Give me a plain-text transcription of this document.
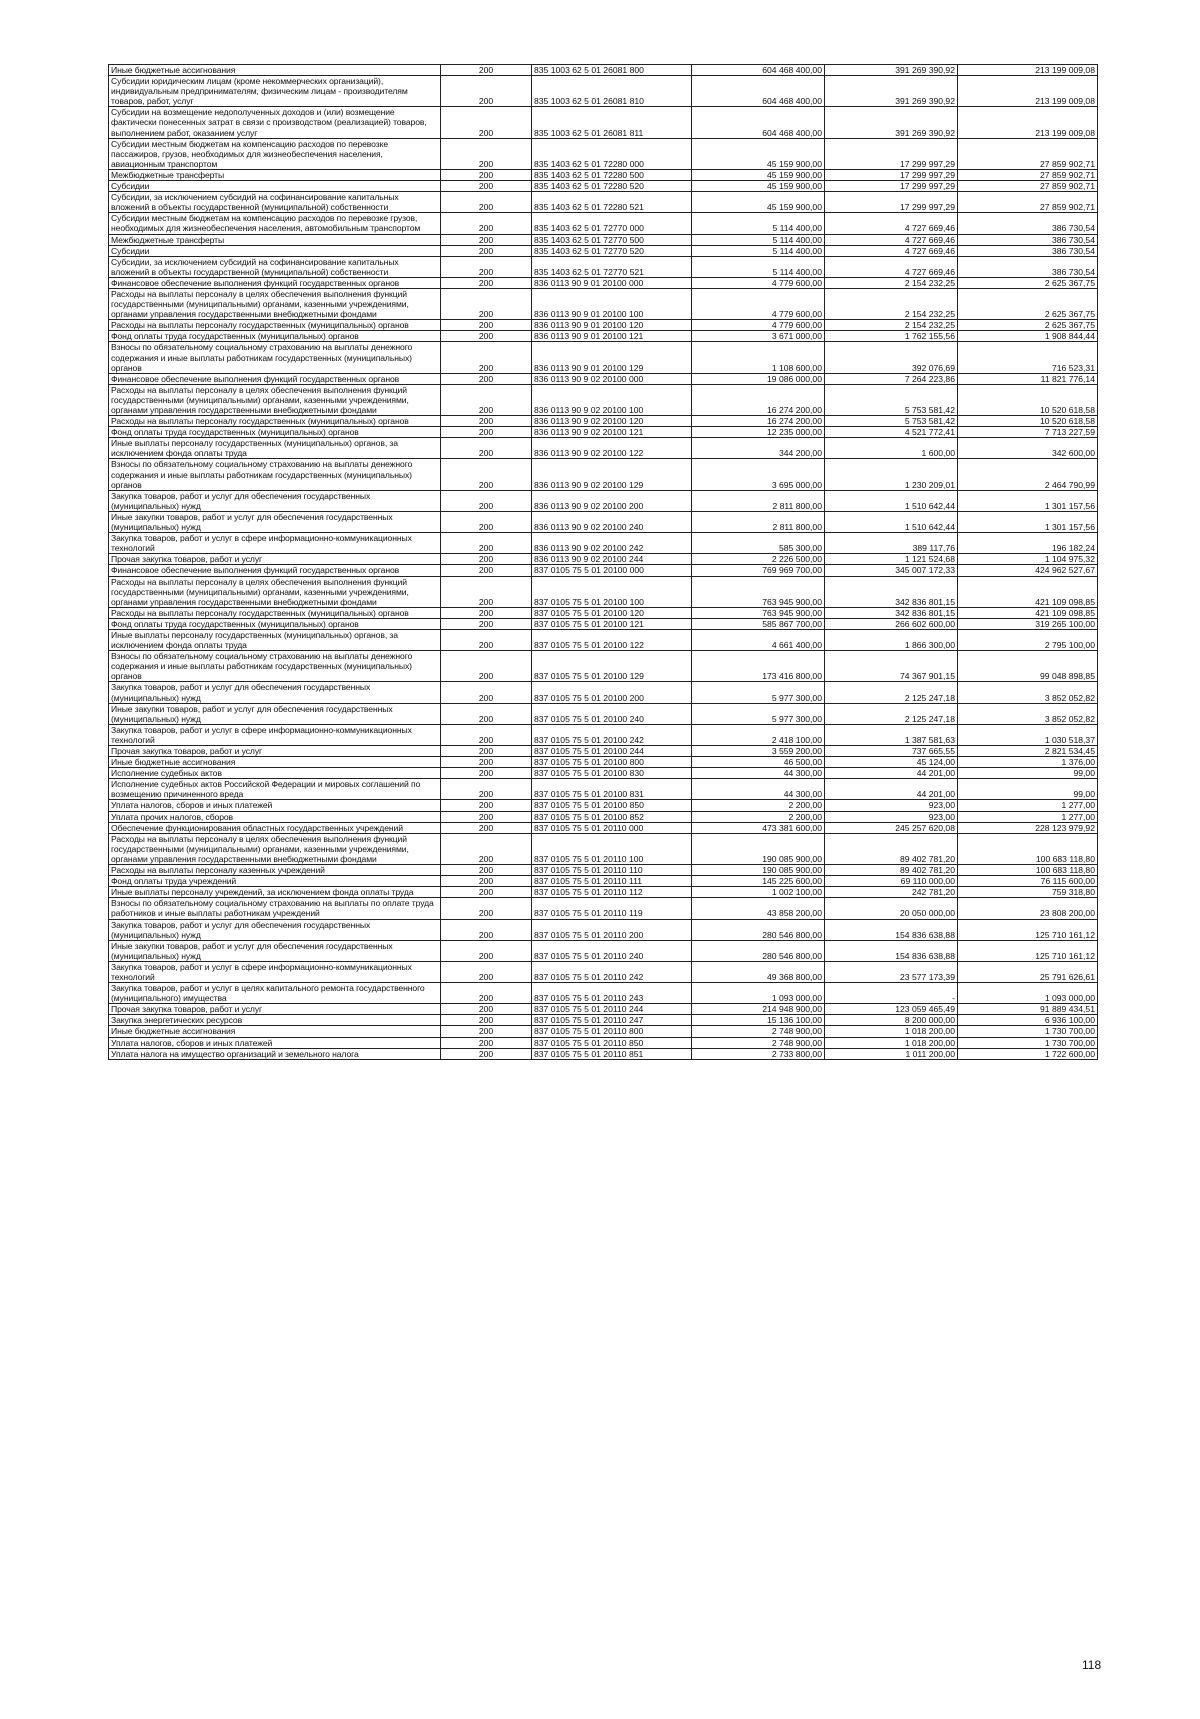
Иные бюджетные ассигнования	200	835 1003 62 5 01 26081 800	604 468 400,00	391 269 390,92	213 199 009,08
Субсидии юридическим лицам (кроме некоммерческих организаций), индивидуальным предпринимателям, физическим лицам - производителям товаров, работ, услуг	200	835 1003 62 5 01 26081 810	604 468 400,00	391 269 390,92	213 199 009,08
Субсидии на возмещение недополученных доходов и (или) возмещение фактически понесенных затрат в связи с производством (реализацией) товаров, выполнением работ, оказанием услуг	200	835 1003 62 5 01 26081 811	604 468 400,00	391 269 390,92	213 199 009,08
Субсидии местным бюджетам на компенсацию расходов по перевозке пассажиров, грузов, необходимых для жизнеобеспечения населения, авиационным транспортом	200	835 1403 62 5 01 72280 000	45 159 900,00	17 299 997,29	27 859 902,71
Межбюджетные трансферты	200	835 1403 62 5 01 72280 500	45 159 900,00	17 299 997,29	27 859 902,71
Субсидии	200	835 1403 62 5 01 72280 520	45 159 900,00	17 299 997,29	27 859 902,71
Субсидии, за исключением субсидий на софинансирование капитальных вложений в объекты государственной (муниципальной) собственности	200	835 1403 62 5 01 72280 521	45 159 900,00	17 299 997,29	27 859 902,71
Субсидии местным бюджетам на компенсацию расходов по перевозке грузов, необходимых для жизнеобеспечения населения, автомобильным транспортом	200	835 1403 62 5 01 72770 000	5 114 400,00	4 727 669,46	386 730,54
Межбюджетные трансферты	200	835 1403 62 5 01 72770 500	5 114 400,00	4 727 669,46	386 730,54
Субсидии	200	835 1403 62 5 01 72770 520	5 114 400,00	4 727 669,46	386 730,54
Субсидии, за исключением субсидий на софинансирование капитальных вложений в объекты государственной (муниципальной) собственности	200	835 1403 62 5 01 72770 521	5 114 400,00	4 727 669,46	386 730,54
Финансовое обеспечение выполнения функций государственных органов	200	836 0113 90 9 01 20100 000	4 779 600,00	2 154 232,25	2 625 367,75
Расходы на выплаты персоналу в целях обеспечения выполнения функций государственными (муниципальными) органами, казенными учреждениями, органами управления государственными внебюджетными фондами	200	836 0113 90 9 01 20100 100	4 779 600,00	2 154 232,25	2 625 367,75
Расходы на выплаты персоналу государственных (муниципальных) органов	200	836 0113 90 9 01 20100 120	4 779 600,00	2 154 232,25	2 625 367,75
Фонд оплаты труда государственных (муниципальных) органов	200	836 0113 90 9 01 20100 121	3 671 000,00	1 762 155,56	1 908 844,44
Взносы по обязательному социальному страхованию на выплаты денежного содержания и иные выплаты работникам государственных (муниципальных) органов	200	836 0113 90 9 01 20100 129	1 108 600,00	392 076,69	716 523,31
Финансовое обеспечение выполнения функций государственных органов	200	836 0113 90 9 02 20100 000	19 086 000,00	7 264 223,86	11 821 776,14
Расходы на выплаты персоналу в целях обеспечения выполнения функций государственными (муниципальными) органами, казенными учреждениями, органами управления государственными внебюджетными фондами	200	836 0113 90 9 02 20100 100	16 274 200,00	5 753 581,42	10 520 618,58
Расходы на выплаты персоналу государственных (муниципальных) органов	200	836 0113 90 9 02 20100 120	16 274 200,00	5 753 581,42	10 520 618,58
Фонд оплаты труда государственных (муниципальных) органов	200	836 0113 90 9 02 20100 121	12 235 000,00	4 521 772,41	7 713 227,59
Иные выплаты персоналу государственных (муниципальных) органов, за исключением фонда оплаты труда	200	836 0113 90 9 02 20100 122	344 200,00	1 600,00	342 600,00
Взносы по обязательному социальному страхованию на выплаты денежного содержания и иные выплаты работникам государственных (муниципальных) органов	200	836 0113 90 9 02 20100 129	3 695 000,00	1 230 209,01	2 464 790,99
Закупка товаров, работ и услуг для обеспечения государственных (муниципальных) нужд	200	836 0113 90 9 02 20100 200	2 811 800,00	1 510 642,44	1 301 157,56
Иные закупки товаров, работ и услуг для обеспечения государственных (муниципальных) нужд	200	836 0113 90 9 02 20100 240	2 811 800,00	1 510 642,44	1 301 157,56
Закупка товаров, работ и услуг в сфере информационно-коммуникационных технологий	200	836 0113 90 9 02 20100 242	585 300,00	389 117,76	196 182,24
Прочая закупка товаров, работ и услуг	200	836 0113 90 9 02 20100 244	2 226 500,00	1 121 524,68	1 104 975,32
Финансовое обеспечение выполнения функций государственных органов	200	837 0105 75 5 01 20100 000	769 969 700,00	345 007 172,33	424 962 527,67
Расходы на выплаты персоналу в целях обеспечения выполнения функций государственными (муниципальными) органами, казенными учреждениями, органами управления государственными внебюджетными фондами	200	837 0105 75 5 01 20100 100	763 945 900,00	342 836 801,15	421 109 098,85
Расходы на выплаты персоналу государственных (муниципальных) органов	200	837 0105 75 5 01 20100 120	763 945 900,00	342 836 801,15	421 109 098,85
Фонд оплаты труда государственных (муниципальных) органов	200	837 0105 75 5 01 20100 121	585 867 700,00	266 602 600,00	319 265 100,00
Иные выплаты персоналу государственных (муниципальных) органов, за исключением фонда оплаты труда	200	837 0105 75 5 01 20100 122	4 661 400,00	1 866 300,00	2 795 100,00
Взносы по обязательному социальному страхованию на выплаты денежного содержания и иные выплаты работникам государственных (муниципальных) органов	200	837 0105 75 5 01 20100 129	173 416 800,00	74 367 901,15	99 048 898,85
Закупка товаров, работ и услуг для обеспечения государственных (муниципальных) нужд	200	837 0105 75 5 01 20100 200	5 977 300,00	2 125 247,18	3 852 052,82
Иные закупки товаров, работ и услуг для обеспечения государственных (муниципальных) нужд	200	837 0105 75 5 01 20100 240	5 977 300,00	2 125 247,18	3 852 052,82
Закупка товаров, работ и услуг в сфере информационно-коммуникационных технологий	200	837 0105 75 5 01 20100 242	2 418 100,00	1 387 581,63	1 030 518,37
Прочая закупка товаров, работ и услуг	200	837 0105 75 5 01 20100 244	3 559 200,00	737 665,55	2 821 534,45
Иные бюджетные ассигнования	200	837 0105 75 5 01 20100 800	46 500,00	45 124,00	1 376,00
Исполнение судебных актов	200	837 0105 75 5 01 20100 830	44 300,00	44 201,00	99,00
Исполнение судебных актов Российской Федерации и мировых соглашений по возмещению причиненного вреда	200	837 0105 75 5 01 20100 831	44 300,00	44 201,00	99,00
Уплата налогов, сборов и иных платежей	200	837 0105 75 5 01 20100 850	2 200,00	923,00	1 277,00
Уплата прочих налогов, сборов	200	837 0105 75 5 01 20100 852	2 200,00	923,00	1 277,00
Обеспечение функционирования областных государственных учреждений	200	837 0105 75 5 01 20110 000	473 381 600,00	245 257 620,08	228 123 979,92
Расходы на выплаты персоналу в целях обеспечения выполнения функций государственными (муниципальными) органами, казенными учреждениями, органами управления государственными внебюджетными фондами	200	837 0105 75 5 01 20110 100	190 085 900,00	89 402 781,20	100 683 118,80
Расходы на выплаты персоналу казенных учреждений	200	837 0105 75 5 01 20110 110	190 085 900,00	89 402 781,20	100 683 118,80
Фонд оплаты труда учреждений	200	837 0105 75 5 01 20110 111	145 225 600,00	69 110 000,00	76 115 600,00
Иные выплаты персоналу учреждений, за исключением фонда оплаты труда	200	837 0105 75 5 01 20110 112	1 002 100,00	242 781,20	759 318,80
Взносы по обязательному социальному страхованию на выплаты по оплате труда работников и иные выплаты работникам учреждений	200	837 0105 75 5 01 20110 119	43 858 200,00	20 050 000,00	23 808 200,00
Закупка товаров, работ и услуг для обеспечения государственных (муниципальных) нужд	200	837 0105 75 5 01 20110 200	280 546 800,00	154 836 638,88	125 710 161,12
Иные закупки товаров, работ и услуг для обеспечения государственных (муниципальных) нужд	200	837 0105 75 5 01 20110 240	280 546 800,00	154 836 638,88	125 710 161,12
Закупка товаров, работ и услуг в сфере информационно-коммуникационных технологий	200	837 0105 75 5 01 20110 242	49 368 800,00	23 577 173,39	25 791 626,61
Закупка товаров, работ и услуг в целях капитального ремонта государственного (муниципального) имущества	200	837 0105 75 5 01 20110 243	1 093 000,00	-	1 093 000,00
Прочая закупка товаров, работ и услуг	200	837 0105 75 5 01 20110 244	214 948 900,00	123 059 465,49	91 889 434,51
Закупка энергетических ресурсов	200	837 0105 75 5 01 20110 247	15 136 100,00	8 200 000,00	6 936 100,00
Иные бюджетные ассигнования	200	837 0105 75 5 01 20110 800	2 748 900,00	1 018 200,00	1 730 700,00
Уплата налогов, сборов и иных платежей	200	837 0105 75 5 01 20110 850	2 748 900,00	1 018 200,00	1 730 700,00
Уплата налога на имущество организаций и земельного налога	200	837 0105 75 5 01 20110 851	2 733 800,00	1 011 200,00	1 722 600,00
118
